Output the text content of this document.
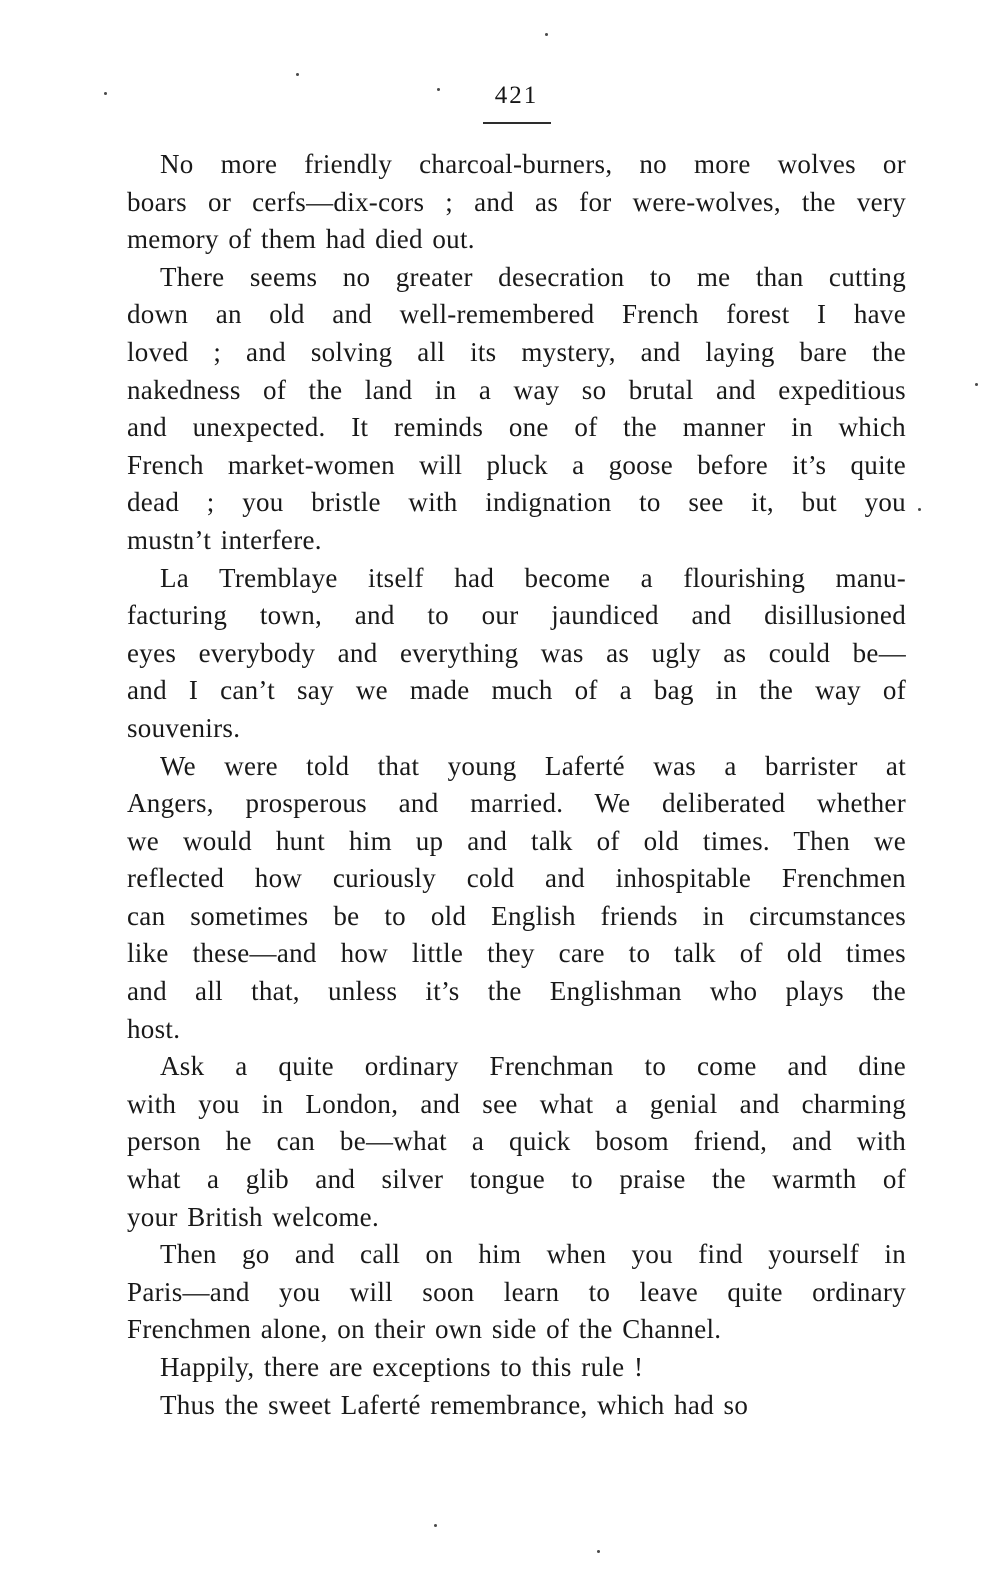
421
No more friendly charcoal-burners, no more wolves or
boars or cerfs—dix-cors ; and as for were-wolves, the very
memory of them had died out.
There seems no greater desecration to me than cutting
down an old and well-remembered French forest I have
loved ; and solving all its mystery, and laying bare the
nakedness of the land in a way so brutal and expeditious
and unexpected. It reminds one of the manner in which
French market-women will pluck a goose before it’s quite
dead ; you bristle with indignation to see it, but you
mustn’t interfere.
La Tremblaye itself had become a flourishing manu-
facturing town, and to our jaundiced and disillusioned
eyes everybody and everything was as ugly as could be—
and I can’t say we made much of a bag in the way of
souvenirs.
We were told that young Laferté was a barrister at
Angers, prosperous and married. We deliberated whether
we would hunt him up and talk of old times. Then we
reflected how curiously cold and inhospitable Frenchmen
can sometimes be to old English friends in circumstances
like these—and how little they care to talk of old times
and all that, unless it’s the Englishman who plays the
host.
Ask a quite ordinary Frenchman to come and dine
with you in London, and see what a genial and charming
person he can be—what a quick bosom friend, and with
what a glib and silver tongue to praise the warmth of
your British welcome.
Then go and call on him when you find yourself in
Paris—and you will soon learn to leave quite ordinary
Frenchmen alone, on their own side of the Channel.
Happily, there are exceptions to this rule !
Thus the sweet Laferté remembrance, which had so
